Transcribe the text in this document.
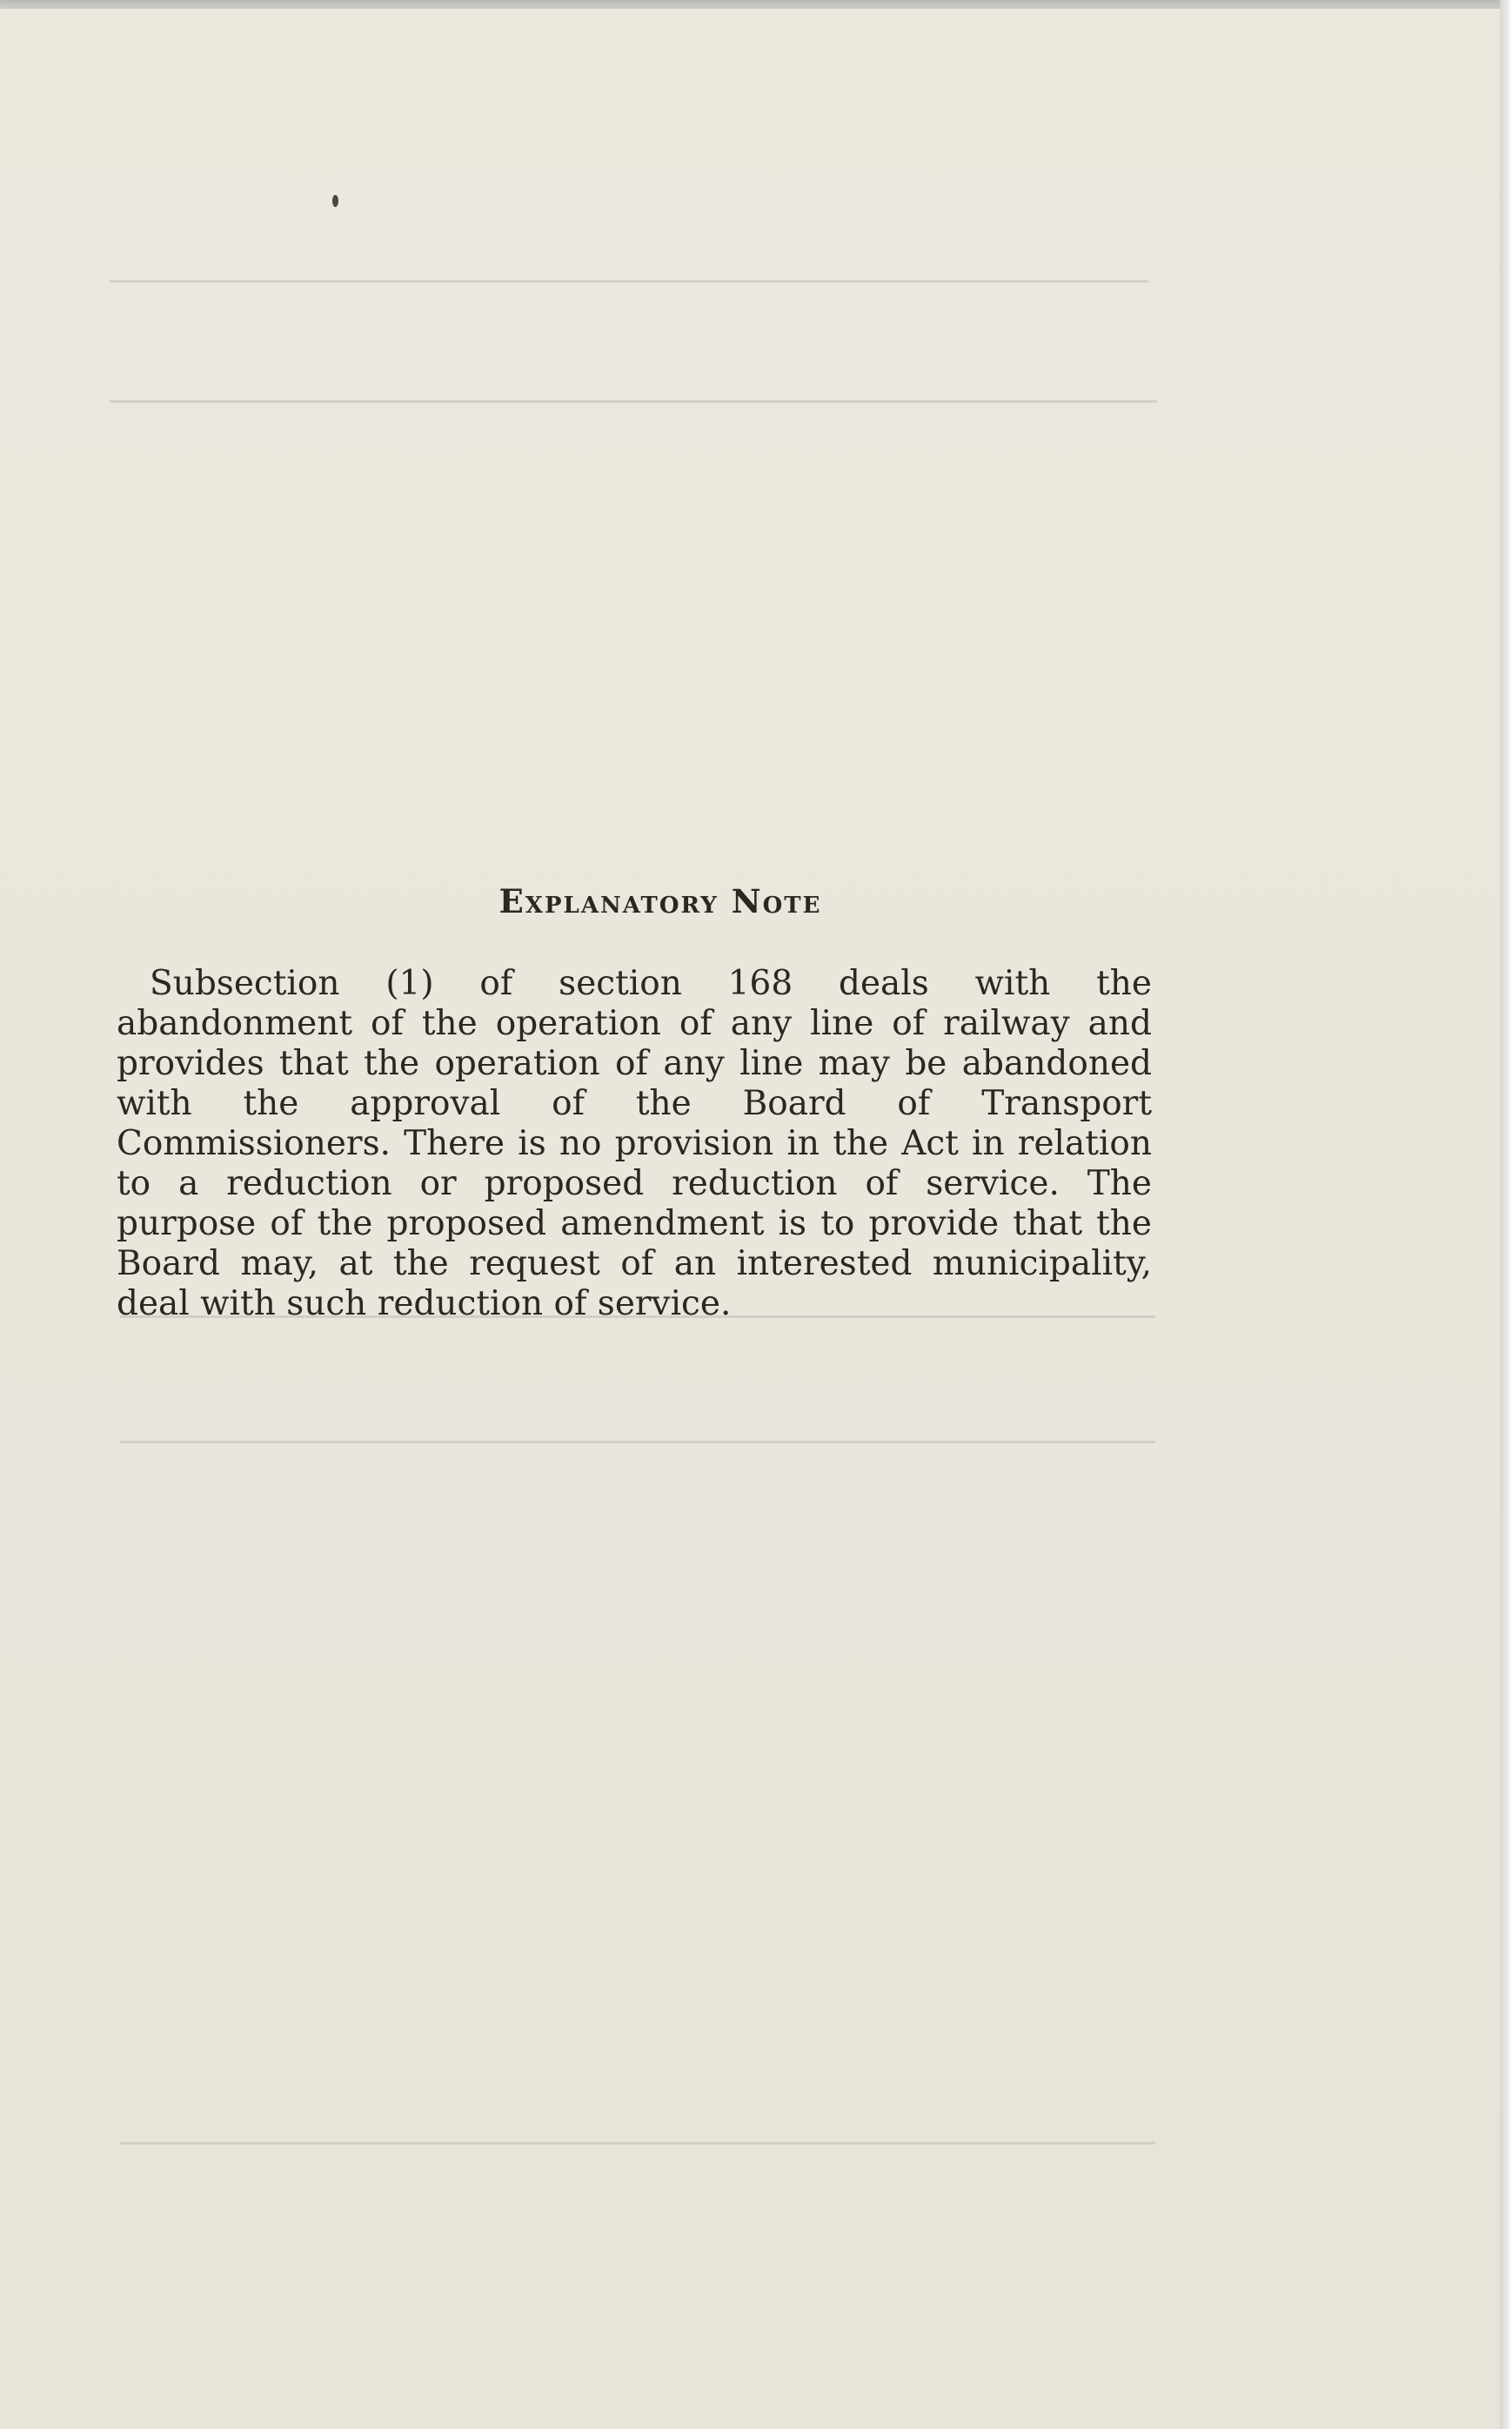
Explanatory Note

Subsection (1) of section 168 deals with the abandonment of the operation of any line of railway and provides that the operation of any line may be abandoned with the approval of the Board of Transport Commissioners. There is no provision in the Act in relation to a reduction or proposed reduction of service. The purpose of the proposed amendment is to provide that the Board may, at the request of an interested municipality, deal with such reduction of service.
